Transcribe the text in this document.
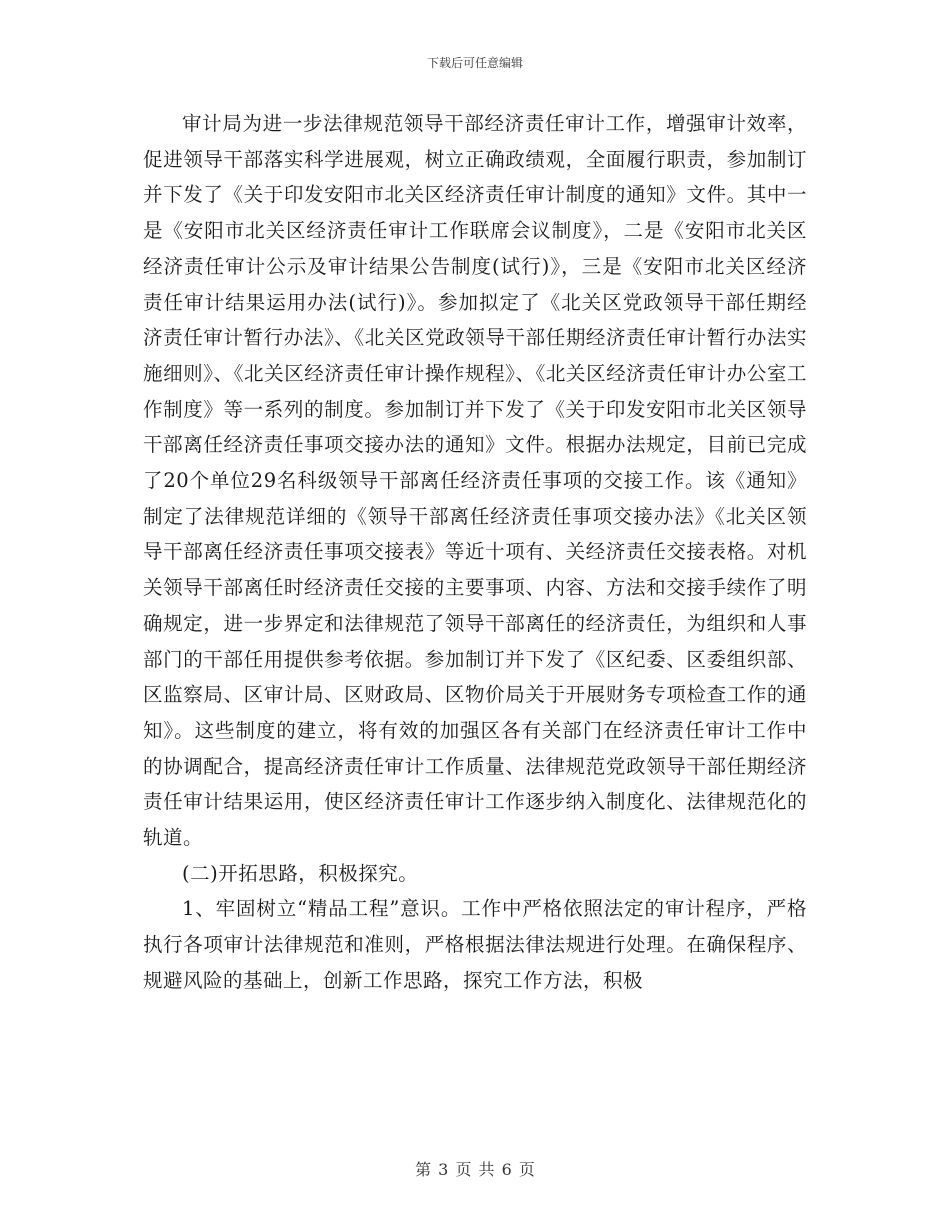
下载后可任意编辑

审计局为进一步法律规范领导干部经济责任审计工作，增强审计效率，促进领导干部落实科学进展观，树立正确政绩观，全面履行职责，参加制订并下发了《关于印发安阳市北关区经济责任审计制度的通知》文件。其中一是《安阳市北关区经济责任审计工作联席会议制度》，二是《安阳市北关区经济责任审计公示及审计结果公告制度(试行)》，三是《安阳市北关区经济责任审计结果运用办法(试行)》。参加拟定了《北关区党政领导干部任期经济责任审计暂行办法》、《北关区党政领导干部任期经济责任审计暂行办法实施细则》、《北关区经济责任审计操作规程》、《北关区经济责任审计办公室工作制度》等一系列的制度。参加制订并下发了《关于印发安阳市北关区领导干部离任经济责任事项交接办法的通知》文件。根据办法规定，目前已完成了20个单位29名科级领导干部离任经济责任事项的交接工作。该《通知》制定了法律规范详细的《领导干部离任经济责任事项交接办法》《北关区领导干部离任经济责任事项交接表》等近十项有、关经济责任交接表格。对机关领导干部离任时经济责任交接的主要事项、内容、方法和交接手续作了明确规定，进一步界定和法律规范了领导干部离任的经济责任，为组织和人事部门的干部任用提供参考依据。参加制订并下发了《区纪委、区委组织部、区监察局、区审计局、区财政局、区物价局关于开展财务专项检查工作的通知》。这些制度的建立，将有效的加强区各有关部门在经济责任审计工作中的协调配合，提高经济责任审计工作质量、法律规范党政领导干部任期经济责任审计结果运用，使区经济责任审计工作逐步纳入制度化、法律规范化的轨道。

(二)开拓思路，积极探究。

1、牢固树立“精品工程”意识。工作中严格依照法定的审计程序，严格执行各项审计法律规范和准则，严格根据法律法规进行处理。在确保程序、规避风险的基础上，创新工作思路，探究工作方法，积极

第 3 页 共 6 页
